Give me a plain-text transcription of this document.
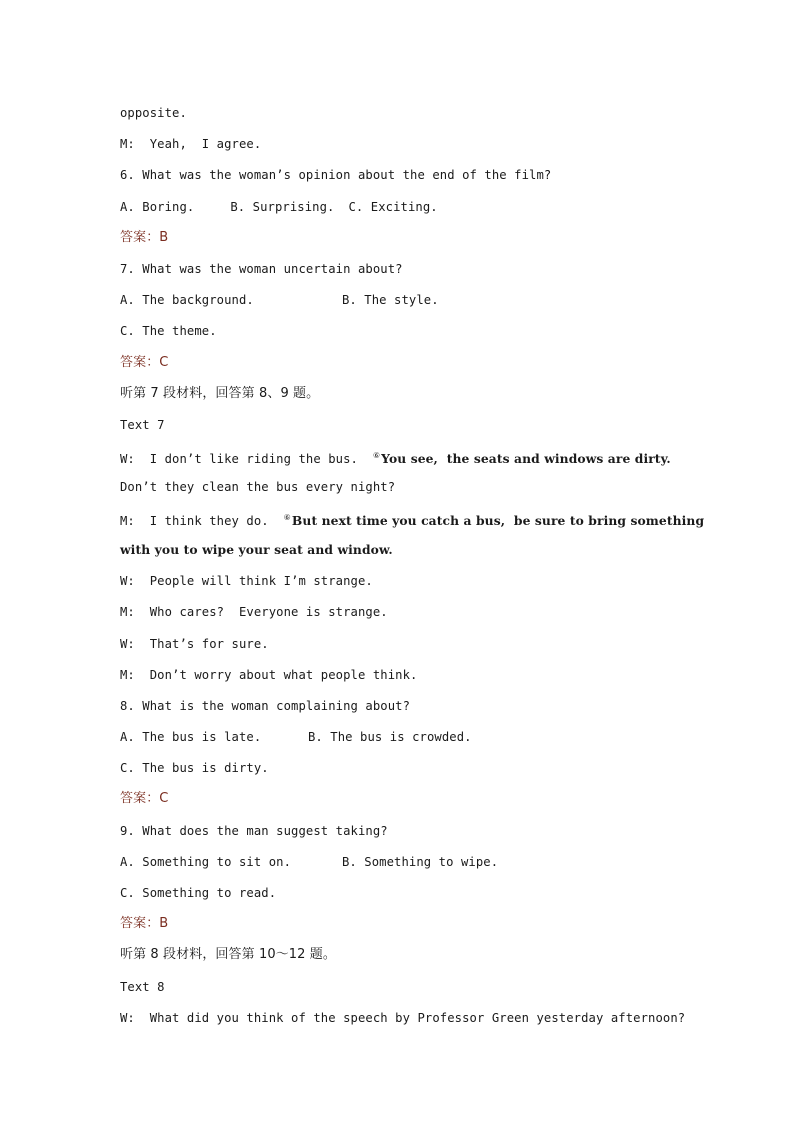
opposite.
M:  Yeah,  I agree.
6. What was the woman’s opinion about the end of the film?
A. Boring.	B. Surprising. C. Exciting.
答案：B
7. What was the woman uncertain about?
A. The background.	B. The style.
C. The theme.
答案：C
听第 7 段材料，回答第 8、9 题。
Text 7
W:  I don’t like riding the bus.  ⑥You see,  the seats and windows are dirty.
Don’t they clean the bus every night?
M:  I think they do.  ⑥But next time you catch a bus,  be sure to bring something
with you to wipe your seat and window.
W:  People will think I’m strange.
M:  Who cares?  Everyone is strange.
W:  That’s for sure.
M:  Don’t worry about what people think.
8. What is the woman complaining about?
A. The bus is late.	B. The bus is crowded.
C. The bus is dirty.
答案：C
9. What does the man suggest taking?
A. Something to sit on.	B. Something to wipe.
C. Something to read.
答案：B
听第 8 段材料，回答第 10～12 题。
Text 8
W:  What did you think of the speech by Professor Green yesterday afternoon?
